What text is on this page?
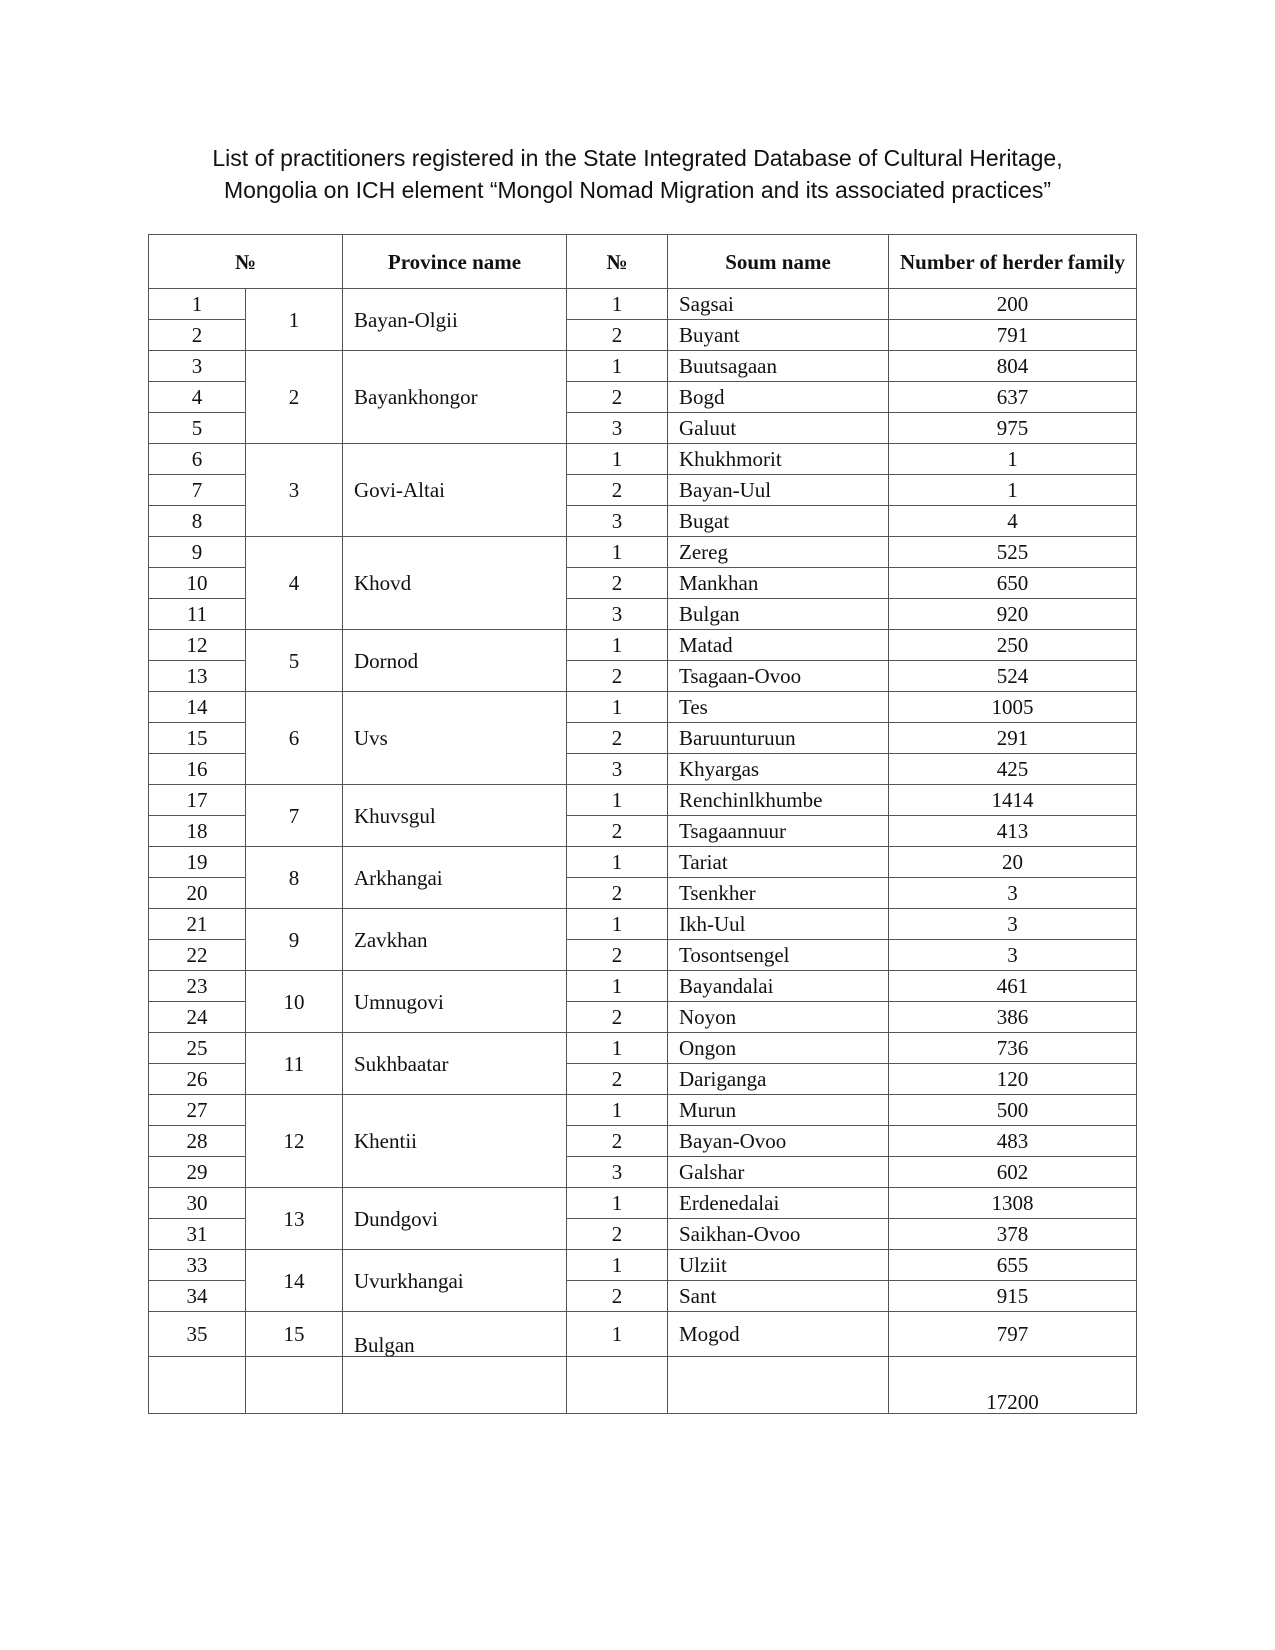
List of practitioners registered in the State Integrated Database of Cultural Heritage,
Mongolia on ICH element “Mongol Nomad Migration and its associated practices”
№		Province name	№	Soum name	Number of herder family
1	1	Bayan-Olgii	1	Sagsai	200
2			2	Buyant	791
3	2	Bayankhongor	1	Buutsagaan	804
4			2	Bogd	637
5			3	Galuut	975
6	3	Govi-Altai	1	Khukhmorit	1
7			2	Bayan-Uul	1
8			3	Bugat	4
9	4	Khovd	1	Zereg	525
10			2	Mankhan	650
11			3	Bulgan	920
12	5	Dornod	1	Matad	250
13			2	Tsagaan-Ovoo	524
14	6	Uvs	1	Tes	1005
15			2	Baruunturuun	291
16			3	Khyargas	425
17	7	Khuvsgul	1	Renchinlkhumbe	1414
18			2	Tsagaannuur	413
19	8	Arkhangai	1	Tariat	20
20			2	Tsenkher	3
21	9	Zavkhan	1	Ikh-Uul	3
22			2	Tosontsengel	3
23	10	Umnugovi	1	Bayandalai	461
24			2	Noyon	386
25	11	Sukhbaatar	1	Ongon	736
26			2	Dariganga	120
27	12	Khentii	1	Murun	500
28			2	Bayan-Ovoo	483
29			3	Galshar	602
30	13	Dundgovi	1	Erdenedalai	1308
31			2	Saikhan-Ovoo	378
33	14	Uvurkhangai	1	Ulziit	655
34			2	Sant	915
35	15	Bulgan	1	Mogod	797
					17200
